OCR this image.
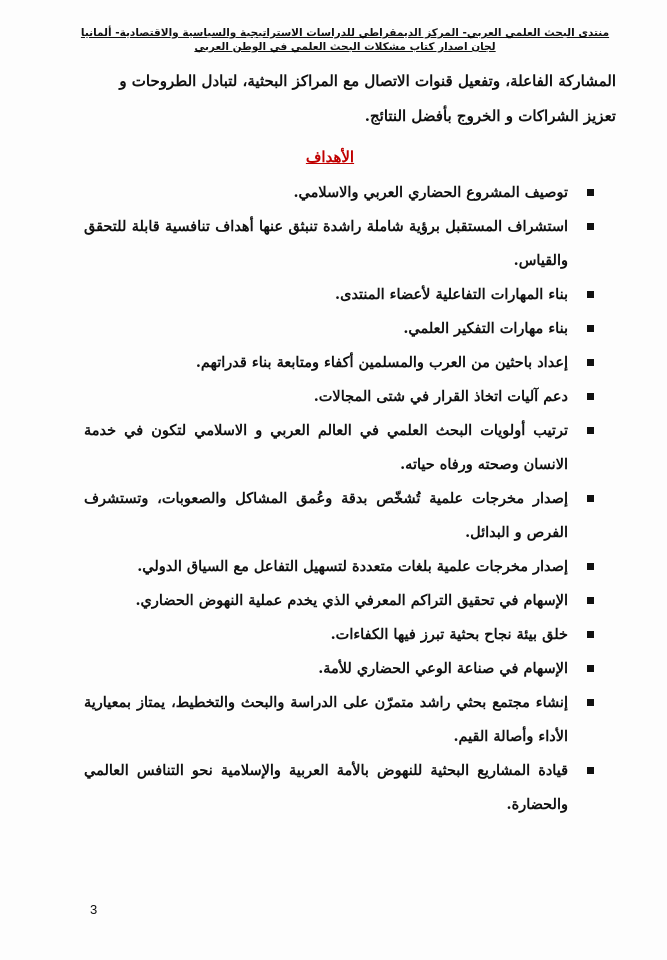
منتدى البحث العلمي العربي- المركز الديمقراطي للدراسات الاستراتيجية والسياسية والاقتصادية- ألمانيا
لجان اصدار كتاب مشكلات البحث العلمي في الوطن العربي
المشاركة الفاعلة، وتفعيل قنوات الاتصال مع المراكز البحثية، لتبادل الطروحات و
تعزيز الشراكات و الخروج بأفضل النتائج.
الأهداف
توصيف المشروع الحضاري العربي والاسلامي.
استشراف المستقبل برؤية شاملة راشدة تنبثق عنها أهداف تنافسية قابلة للتحقق والقياس.
بناء المهارات التفاعلية لأعضاء المنتدى.
بناء مهارات التفكير العلمي.
إعداد باحثين من العرب والمسلمين أكفاء ومتابعة بناء قدراتهم.
دعم آليات اتخاذ القرار في شتى المجالات.
ترتيب أولويات البحث العلمي في العالم العربي و الاسلامي لتكون في خدمة الانسان وصحته ورفاه حياته.
إصدار مخرجات علمية تُشخّص بدقة وعُمق المشاكل والصعوبات، وتستشرف الفرص و البدائل.
إصدار مخرجات علمية بلغات متعددة لتسهيل التفاعل مع السياق الدولي.
الإسهام في تحقيق التراكم المعرفي الذي يخدم عملية النهوض الحضاري.
خلق بيئة نجاح بحثية تبرز فيها الكفاءات.
الإسهام في صناعة الوعي الحضاري للأمة.
إنشاء مجتمع بحثي راشد متمرّن على الدراسة والبحث والتخطيط، يمتاز بمعيارية الأداء وأصالة القيم.
قيادة المشاريع البحثية للنهوض بالأمة العربية والإسلامية نحو التنافس العالمي والحضارة.
3
